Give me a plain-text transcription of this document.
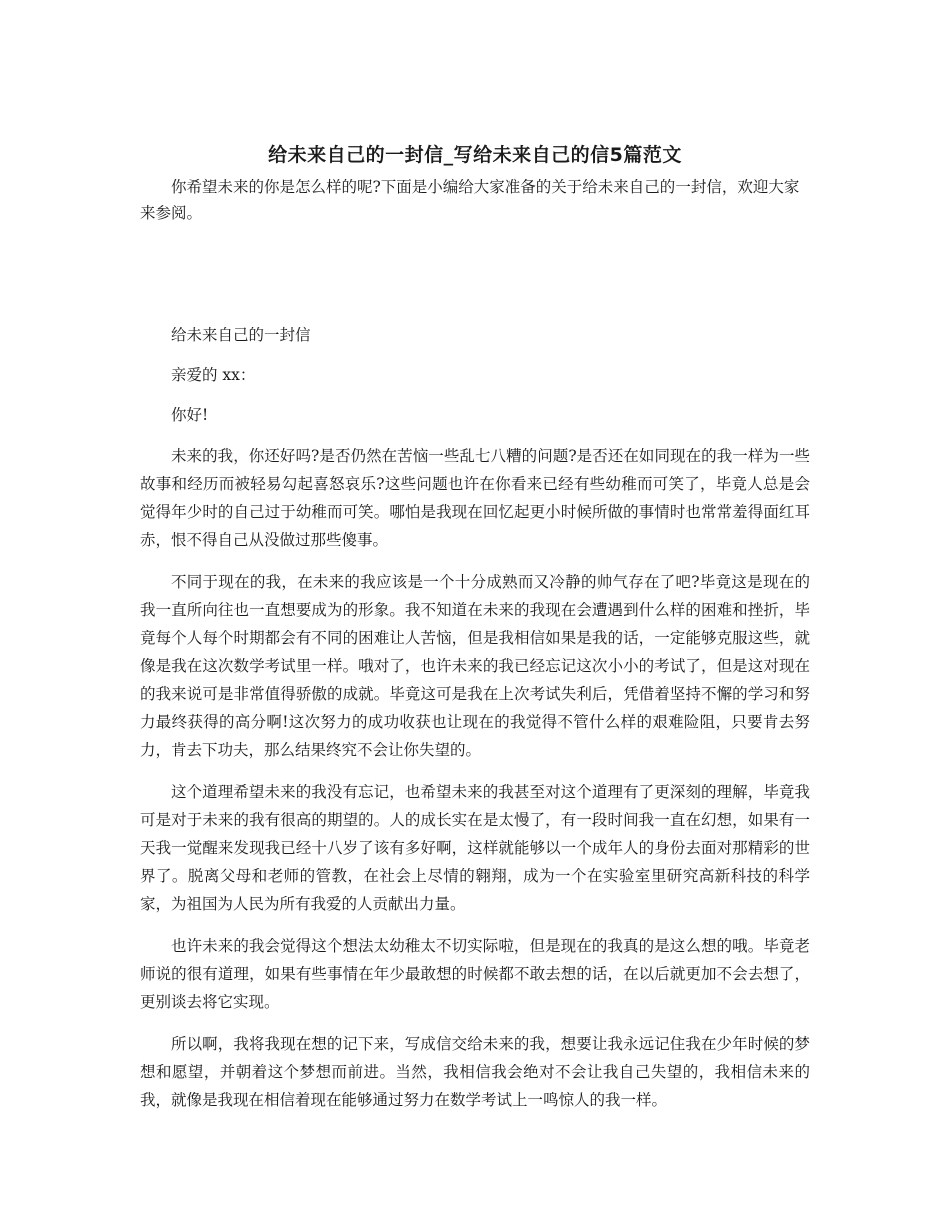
给未来自己的一封信_写给未来自己的信5篇范文

你希望未来的你是怎么样的呢?下面是小编给大家准备的关于给未来自己的一封信，欢迎大家来参阅。

给未来自己的一封信

亲爱的 xx：

你好!

未来的我，你还好吗?是否仍然在苦恼一些乱七八糟的问题?是否还在如同现在的我一样为一些故事和经历而被轻易勾起喜怒哀乐?这些问题也许在你看来已经有些幼稚而可笑了，毕竟人总是会觉得年少时的自己过于幼稚而可笑。哪怕是我现在回忆起更小时候所做的事情时也常常羞得面红耳赤，恨不得自己从没做过那些傻事。

不同于现在的我，在未来的我应该是一个十分成熟而又冷静的帅气存在了吧?毕竟这是现在的我一直所向往也一直想要成为的形象。我不知道在未来的我现在会遭遇到什么样的困难和挫折，毕竟每个人每个时期都会有不同的困难让人苦恼，但是我相信如果是我的话，一定能够克服这些，就像是我在这次数学考试里一样。哦对了，也许未来的我已经忘记这次小小的考试了，但是这对现在的我来说可是非常值得骄傲的成就。毕竟这可是我在上次考试失利后，凭借着坚持不懈的学习和努力最终获得的高分啊!这次努力的成功收获也让现在的我觉得不管什么样的艰难险阻，只要肯去努力，肯去下功夫，那么结果终究不会让你失望的。

这个道理希望未来的我没有忘记，也希望未来的我甚至对这个道理有了更深刻的理解，毕竟我可是对于未来的我有很高的期望的。人的成长实在是太慢了，有一段时间我一直在幻想，如果有一天我一觉醒来发现我已经十八岁了该有多好啊，这样就能够以一个成年人的身份去面对那精彩的世界了。脱离父母和老师的管教，在社会上尽情的翱翔，成为一个在实验室里研究高新科技的科学家，为祖国为人民为所有我爱的人贡献出力量。

也许未来的我会觉得这个想法太幼稚太不切实际啦，但是现在的我真的是这么想的哦。毕竟老师说的很有道理，如果有些事情在年少最敢想的时候都不敢去想的话，在以后就更加不会去想了，更别谈去将它实现。

所以啊，我将我现在想的记下来，写成信交给未来的我，想要让我永远记住我在少年时候的梦想和愿望，并朝着这个梦想而前进。当然，我相信我会绝对不会让我自己失望的，我相信未来的我，就像是我现在相信着现在能够通过努力在数学考试上一鸣惊人的我一样。
